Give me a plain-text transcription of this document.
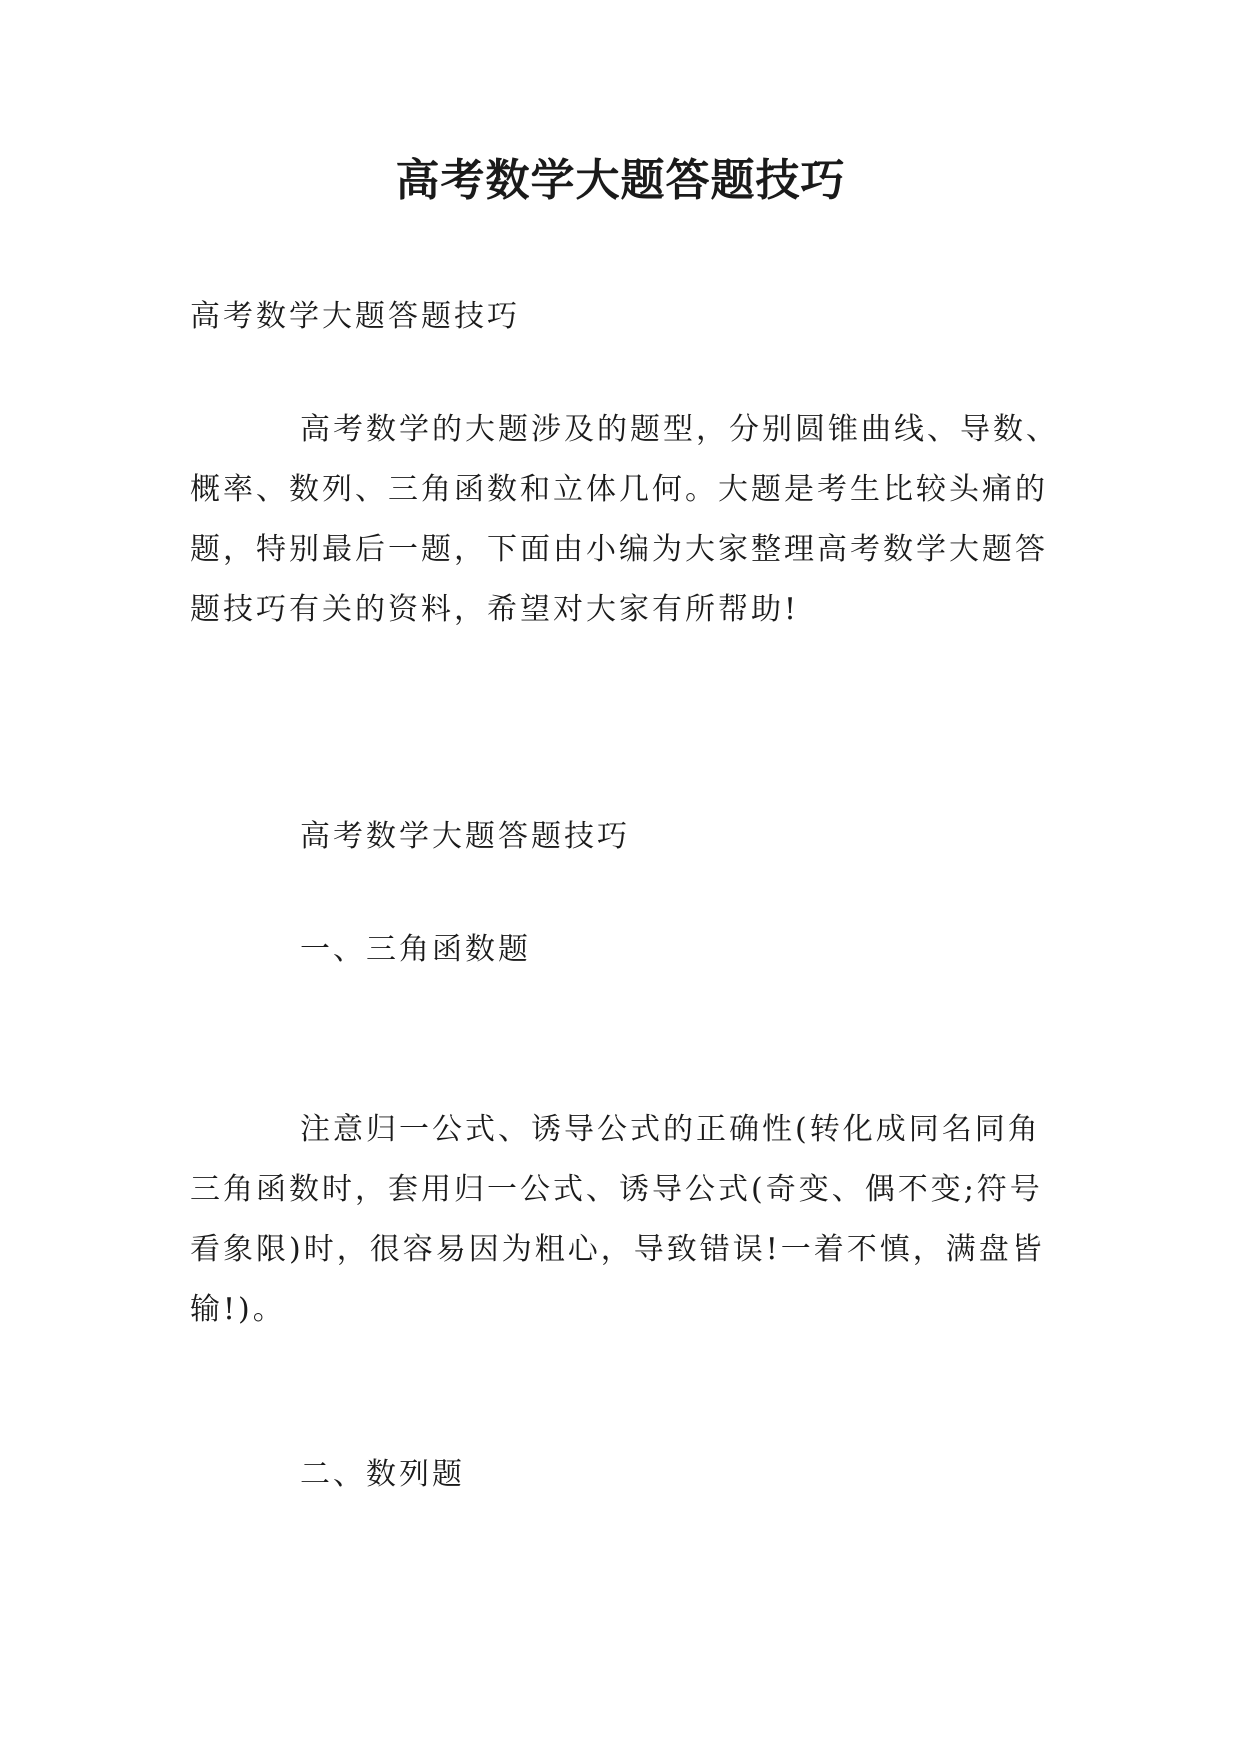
高考数学大题答题技巧

高考数学大题答题技巧

高考数学的大题涉及的题型，分别圆锥曲线、导数、

概率、数列、三角函数和立体几何。大题是考生比较头痛的

题，特别最后一题，下面由小编为大家整理高考数学大题答

题技巧有关的资料，希望对大家有所帮助!

高考数学大题答题技巧

一、三角函数题

注意归一公式、诱导公式的正确性(转化成同名同角

三角函数时，套用归一公式、诱导公式(奇变、偶不变;符号

看象限)时，很容易因为粗心，导致错误!一着不慎，满盘皆

输!)。

二、数列题
